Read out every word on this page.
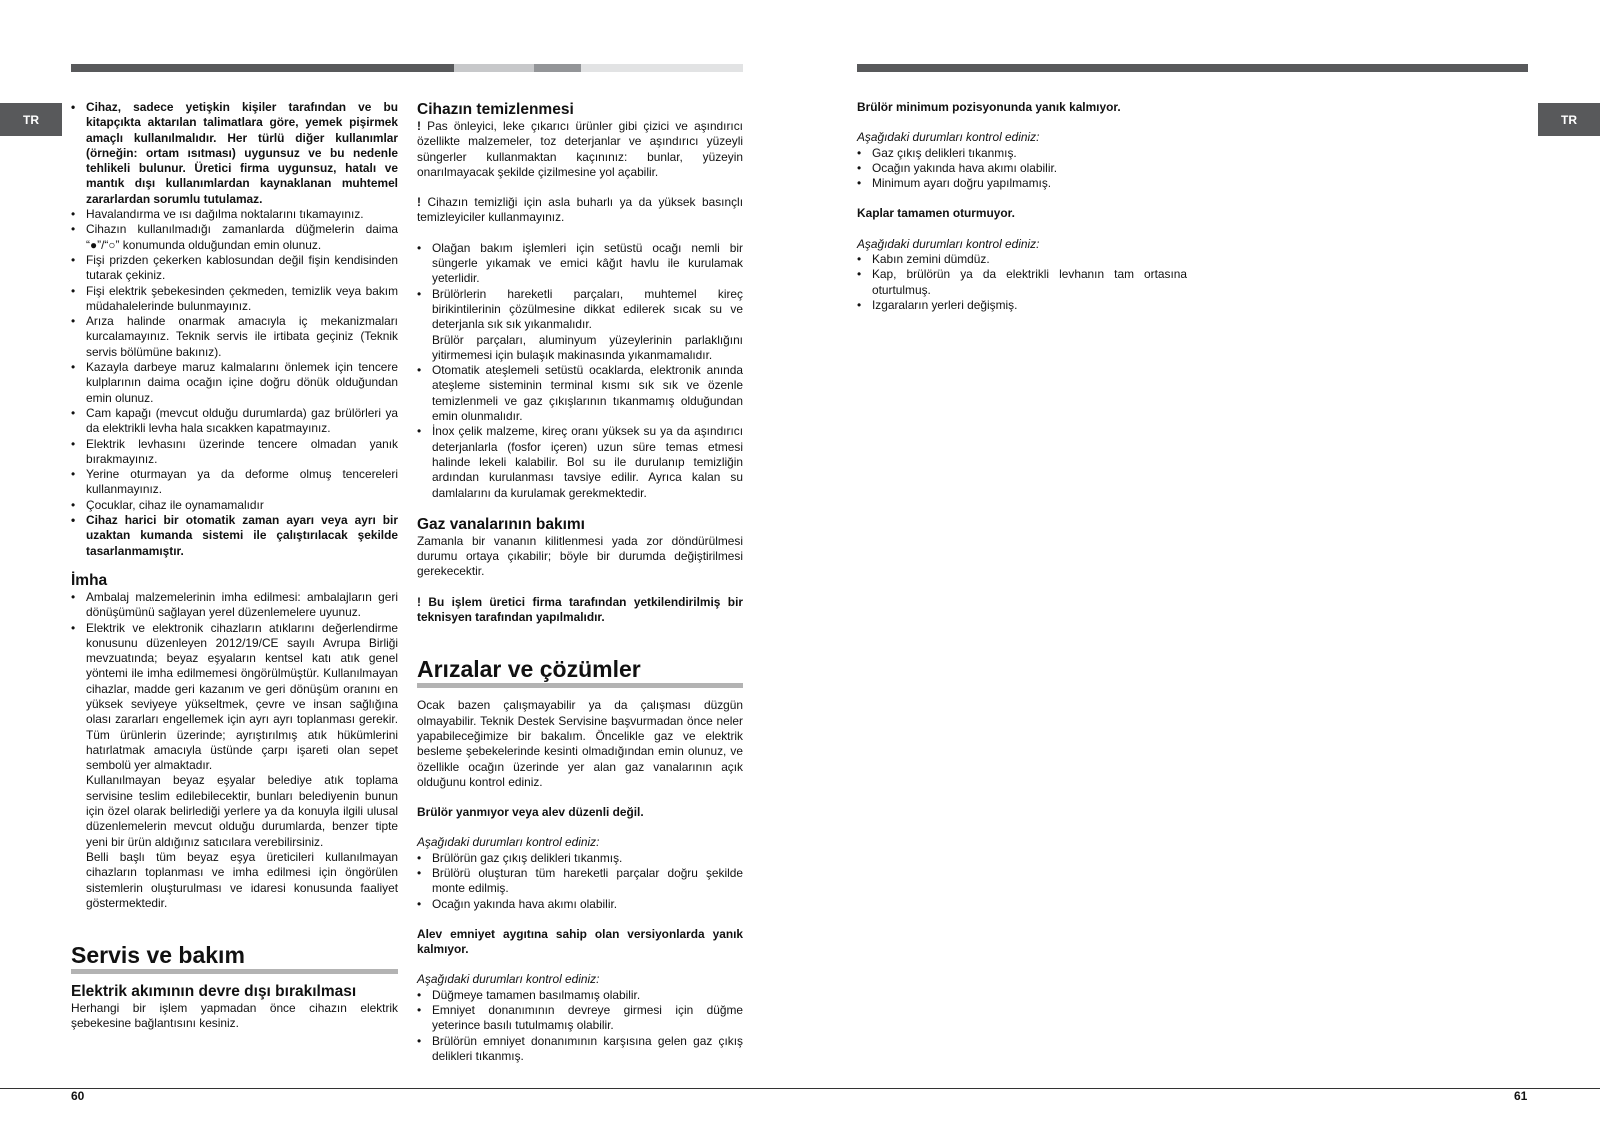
TR	TR
• Cihaz, sadece yetişkin kişiler tarafından ve bu kitapçıkta aktarılan talimatlara göre, yemek pişirmek amaçlı kullanılmalıdır. Her türlü diğer kullanımlar (örneğin: ortam ısıtması) uygunsuz ve bu nedenle tehlikeli bulunur. Üretici firma uygunsuz, hatalı ve mantık dışı kullanımlardan kaynaklanan muhtemel zararlardan sorumlu tutulamaz.
• Havalandırma ve ısı dağılma noktalarını tıkamayınız.
• Cihazın kullanılmadığı zamanlarda düğmelerin daima “●”/“○” konumunda olduğundan emin olunuz.
• Fişi prizden çekerken kablosundan değil fişin kendisinden tutarak çekiniz.
• Fişi elektrik şebekesinden çekmeden, temizlik veya bakım müdahalelerinde bulunmayınız.
• Arıza halinde onarmak amacıyla iç mekanizmaları kurcalamayınız. Teknik servis ile irtibata geçiniz (Teknik servis bölümüne bakınız).
• Kazayla darbeye maruz kalmalarını önlemek için tencere kulplarının daima ocağın içine doğru dönük olduğundan emin olunuz.
• Cam kapağı (mevcut olduğu durumlarda) gaz brülörleri ya da elektrikli levha hala sıcakken kapatmayınız.
• Elektrik levhasını üzerinde tencere olmadan yanık bırakmayınız.
• Yerine oturmayan ya da deforme olmuş tencereleri kullanmayınız.
• Çocuklar, cihaz ile oynamamalıdır
• Cihaz harici bir otomatik zaman ayarı veya ayrı bir uzaktan kumanda sistemi ile çalıştırılacak şekilde tasarlanmamıştır.
İmha
• Ambalaj malzemelerinin imha edilmesi: ambalajların geri dönüşümünü sağlayan yerel düzenlemelere uyunuz.
• Elektrik ve elektronik cihazların atıklarını değerlendirme konusunu düzenleyen 2012/19/CE sayılı Avrupa Birliği mevzuatında; beyaz eşyaların kentsel katı atık genel yöntemi ile imha edilmemesi öngörülmüştür. Kullanılmayan cihazlar, madde geri kazanım ve geri dönüşüm oranını en yüksek seviyeye yükseltmek, çevre ve insan sağlığına olası zararları engellemek için ayrı ayrı toplanması gerekir. Tüm ürünlerin üzerinde; ayrıştırılmış atık hükümlerini hatırlatmak amacıyla üstünde çarpı işareti olan sepet sembolü yer almaktadır.
Kullanılmayan beyaz eşyalar belediye atık toplama servisine teslim edilebilecektir, bunları belediyenin bunun için özel olarak belirlediği yerlere ya da konuyla ilgili ulusal düzenlemelerin mevcut olduğu durumlarda, benzer tipte yeni bir ürün aldığınız satıcılara verebilirsiniz.
Belli başlı tüm beyaz eşya üreticileri kullanılmayan cihazların toplanması ve imha edilmesi için öngörülen sistemlerin oluşturulması ve idaresi konusunda faaliyet göstermektedir.
Servis ve bakım
Elektrik akımının devre dışı bırakılması

Herhangi bir işlem yapmadan önce cihazın elektrik şebekesine bağlantısını kesiniz.

Cihazın temizlenmesi

! Pas önleyici, leke çıkarıcı ürünler gibi çizici ve aşındırıcı özellikte malzemeler, toz deterjanlar ve aşındırıcı yüzeyli süngerler kullanmaktan kaçınınız: bunlar, yüzeyin onarılmayacak şekilde çizilmesine yol açabilir.

! Cihazın temizliği için asla buharlı ya da yüksek basınçlı temizleyiciler kullanmayınız.

• Olağan bakım işlemleri için setüstü ocağı nemli bir süngerle yıkamak ve emici kâğıt havlu ile kurulamak yeterlidir.
• Brülörlerin hareketli parçaları, muhtemel kireç birikintilerinin çözülmesine dikkat edilerek sıcak su ve deterjanla sık sık yıkanmalıdır.
Brülör parçaları, aluminyum yüzeylerinin parlaklığını yitirmemesi için bulaşık makinasında yıkanmamalıdır.
• Otomatik ateşlemeli setüstü ocaklarda, elektronik anında ateşleme sisteminin terminal kısmı sık sık ve özenle temizlenmeli ve gaz çıkışlarının tıkanmamış olduğundan emin olunmalıdır.
• İnox çelik malzeme, kireç oranı yüksek su ya da aşındırıcı deterjanlarla (fosfor içeren) uzun süre temas etmesi halinde lekeli kalabilir. Bol su ile durulanıp temizliğin ardından kurulanması tavsiye edilir. Ayrıca kalan su damlalarını da kurulamak gerekmektedir.
Gaz vanalarının bakımı

Zamanla bir vananın kilitlenmesi yada zor döndürülmesi durumu ortaya çıkabilir; böyle bir durumda değiştirilmesi gerekecektir.

! Bu işlem üretici firma tarafından yetkilendirilmiş bir teknisyen tarafından yapılmalıdır.

Arızalar ve çözümler

Ocak bazen çalışmayabilir ya da çalışması düzgün olmayabilir. Teknik Destek Servisine başvurmadan önce neler yapabileceğimize bir bakalım. Öncelikle gaz ve elektrik besleme şebekelerinde kesinti olmadığından emin olunuz, ve özellikle ocağın üzerinde yer alan gaz vanalarının açık olduğunu kontrol ediniz.

Brülör yanmıyor veya alev düzenli değil.

Aşağıdaki durumları kontrol ediniz:

• Brülörün gaz çıkış delikleri tıkanmış.
• Brülörü oluşturan tüm hareketli parçalar doğru şekilde monte edilmiş.
• Ocağın yakında hava akımı olabilir.

Alev emniyet aygıtına sahip olan versiyonlarda yanık kalmıyor.

Aşağıdaki durumları kontrol ediniz:

• Düğmeye tamamen basılmamış olabilir.
• Emniyet donanımının devreye girmesi için düğme yeterince basılı tutulmamış olabilir.
• Brülörün emniyet donanımının karşısına gelen gaz çıkış delikleri tıkanmış.

Brülör minimum pozisyonunda yanık kalmıyor.

Aşağıdaki durumları kontrol ediniz:

• Gaz çıkış delikleri tıkanmış.
• Ocağın yakında hava akımı olabilir.
• Minimum ayarı doğru yapılmamış.

Kaplar tamamen oturmuyor.

Aşağıdaki durumları kontrol ediniz:

• Kabın zemini dümdüz.
• Kap, brülörün ya da elektrikli levhanın tam ortasına oturtulmuş.
• Izgaraların yerleri değişmiş.
60	61
